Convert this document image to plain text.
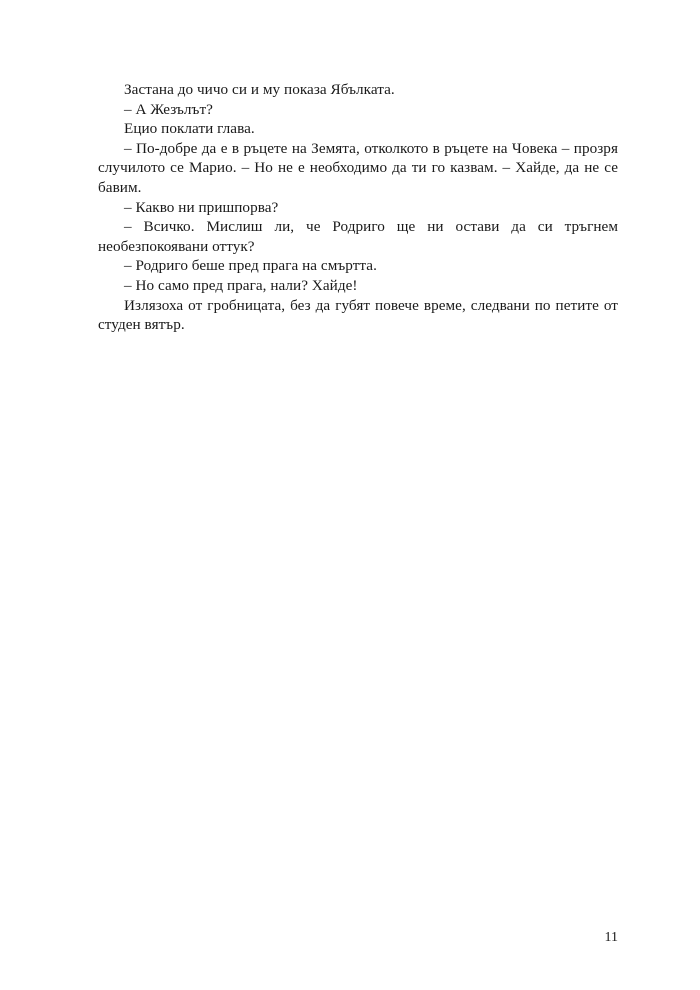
Застана до чичо си и му показа Ябълката.

– А Жезълът?

Ецио поклати глава.

– По-добре да е в ръцете на Земята, отколкото в ръцете на Човека – прозря случилото се Марио. – Но не е необходимо да ти го казвам. – Хайде, да не се бавим.

– Какво ни пришпорва?

– Всичко. Мислиш ли, че Родриго ще ни остави да си тръгнем необезпокоявани оттук?

– Родриго беше пред прага на смъртта.

– Но само пред прага, нали? Хайде!

Излязоха от гробницата, без да губят повече време, следвани по петите от студен вятър.

11
